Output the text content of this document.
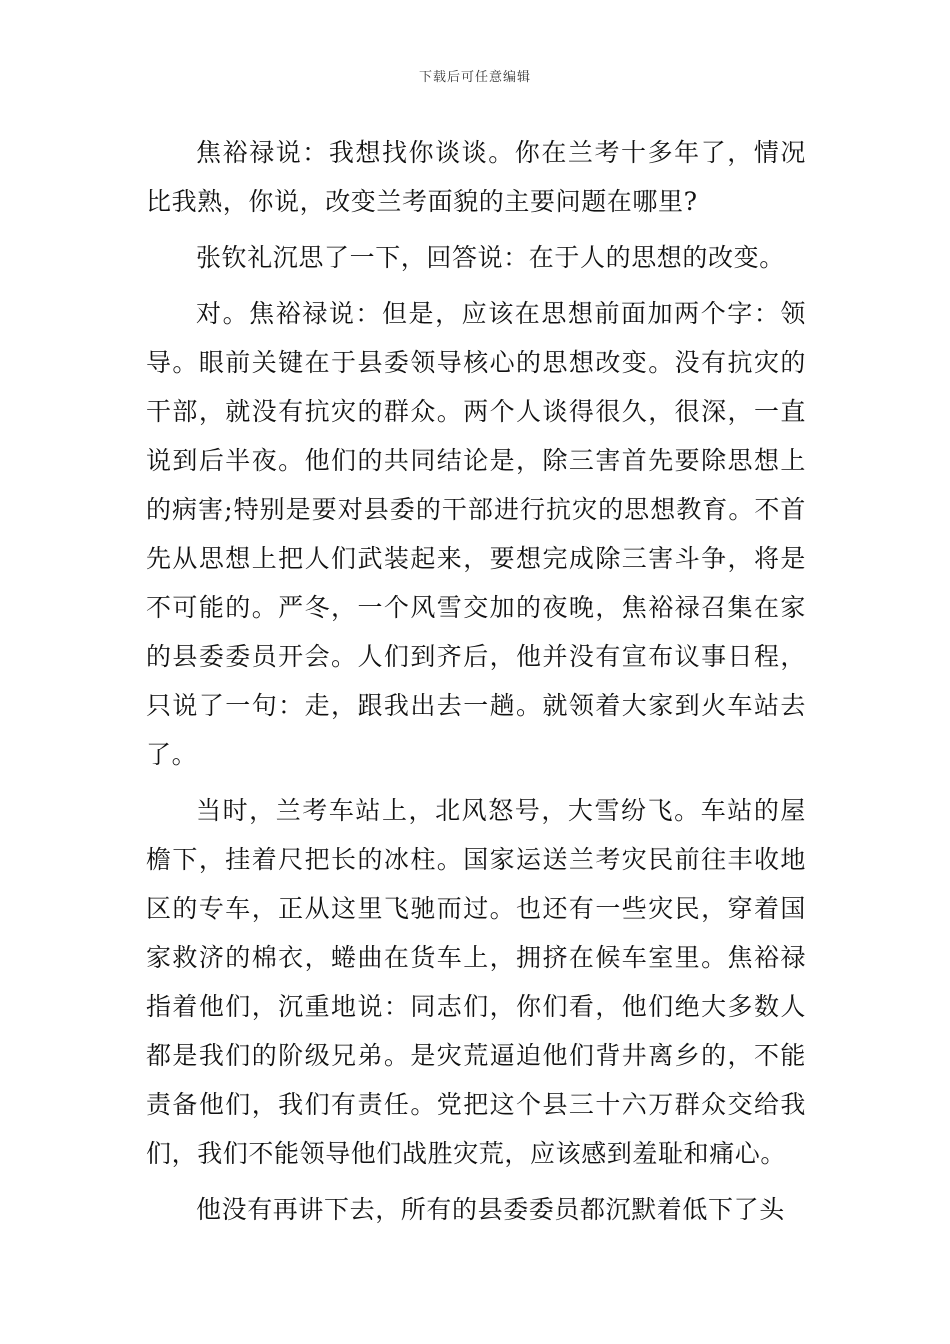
下载后可任意编辑

焦裕禄说：我想找你谈谈。你在兰考十多年了，情况比我熟，你说，改变兰考面貌的主要问题在哪里?

张钦礼沉思了一下，回答说：在于人的思想的改变。

对。焦裕禄说：但是，应该在思想前面加两个字：领导。眼前关键在于县委领导核心的思想改变。没有抗灾的干部，就没有抗灾的群众。两个人谈得很久，很深，一直说到后半夜。他们的共同结论是，除三害首先要除思想上的病害;特别是要对县委的干部进行抗灾的思想教育。不首先从思想上把人们武装起来，要想完成除三害斗争，将是不可能的。严冬，一个风雪交加的夜晚，焦裕禄召集在家的县委委员开会。人们到齐后，他并没有宣布议事日程，只说了一句：走，跟我出去一趟。就领着大家到火车站去了。

当时，兰考车站上，北风怒号，大雪纷飞。车站的屋檐下，挂着尺把长的冰柱。国家运送兰考灾民前往丰收地区的专车，正从这里飞驰而过。也还有一些灾民，穿着国家救济的棉衣，蜷曲在货车上，拥挤在候车室里。焦裕禄指着他们，沉重地说：同志们，你们看，他们绝大多数人都是我们的阶级兄弟。是灾荒逼迫他们背井离乡的，不能责备他们，我们有责任。党把这个县三十六万群众交给我们，我们不能领导他们战胜灾荒，应该感到羞耻和痛心。

他没有再讲下去，所有的县委委员都沉默着低下了头
